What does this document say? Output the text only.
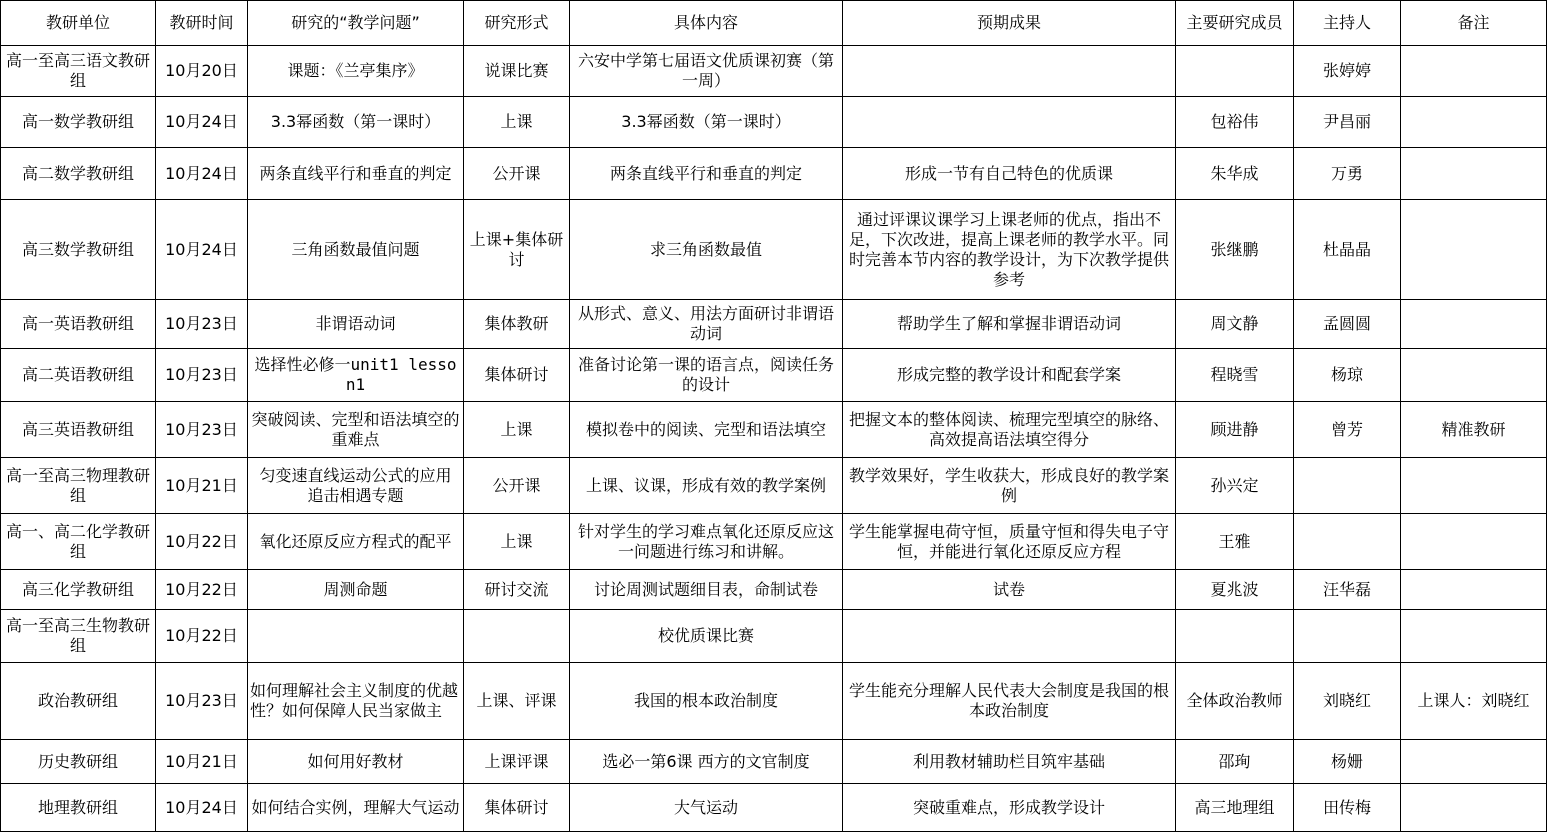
教研单位	教研时间	研究的“教学问题”	研究形式	具体内容	预期成果	主要研究成员	主持人	备注
高一至高三语文教研组	10月20日	课题：《兰亭集序》	说课比赛	六安中学第七届语文优质课初赛（第一周）			张婷婷	
高一数学教研组	10月24日	3.3幂函数（第一课时）	上课	3.3幂函数（第一课时）		包裕伟	尹昌丽	
高二数学教研组	10月24日	两条直线平行和垂直的判定	公开课	两条直线平行和垂直的判定	形成一节有自己特色的优质课	朱华成	万勇	
高三数学教研组	10月24日	三角函数最值问题	上课+集体研讨	求三角函数最值	通过评课议课学习上课老师的优点，指出不足，下次改进，提高上课老师的教学水平。同时完善本节内容的教学设计，为下次教学提供参考	张继鹏	杜晶晶	
高一英语教研组	10月23日	非谓语动词	集体教研	从形式、意义、用法方面研讨非谓语动词	帮助学生了解和掌握非谓语动词	周文静	孟圆圆	
高二英语教研组	10月23日	选择性必修一unit1 lesson1	集体研讨	准备讨论第一课的语言点，阅读任务的设计	形成完整的教学设计和配套学案	程晓雪	杨琼	
高三英语教研组	10月23日	突破阅读、完型和语法填空的重难点	上课	模拟卷中的阅读、完型和语法填空	把握文本的整体阅读、梳理完型填空的脉络、高效提高语法填空得分	顾进静	曾芳	精准教研
高一至高三物理教研组	10月21日	匀变速直线运动公式的应用　追击相遇专题	公开课	上课、议课，形成有效的教学案例	教学效果好，学生收获大，形成良好的教学案例	孙兴定		
高一、高二化学教研组	10月22日	氧化还原反应方程式的配平	上课	针对学生的学习难点氧化还原反应这一问题进行练习和讲解。	学生能掌握电荷守恒，质量守恒和得失电子守恒，并能进行氧化还原反应方程	王雅		
高三化学教研组	10月22日	周测命题	研讨交流	讨论周测试题细目表，命制试卷	试卷	夏兆波	汪华磊	
高一至高三生物教研组	10月22日			校优质课比赛				
政治教研组	10月23日	如何理解社会主义制度的优越性？如何保障人民当家做主	上课、评课	我国的根本政治制度	学生能充分理解人民代表大会制度是我国的根本政治制度	全体政治教师	刘晓红	上课人：刘晓红
历史教研组	10月21日	如何用好教材	上课评课	选必一第6课 西方的文官制度	利用教材辅助栏目筑牢基础	邵珣	杨姗	
地理教研组	10月24日	如何结合实例，理解大气运动	集体研讨	大气运动	突破重难点，形成教学设计	高三地理组	田传梅	
